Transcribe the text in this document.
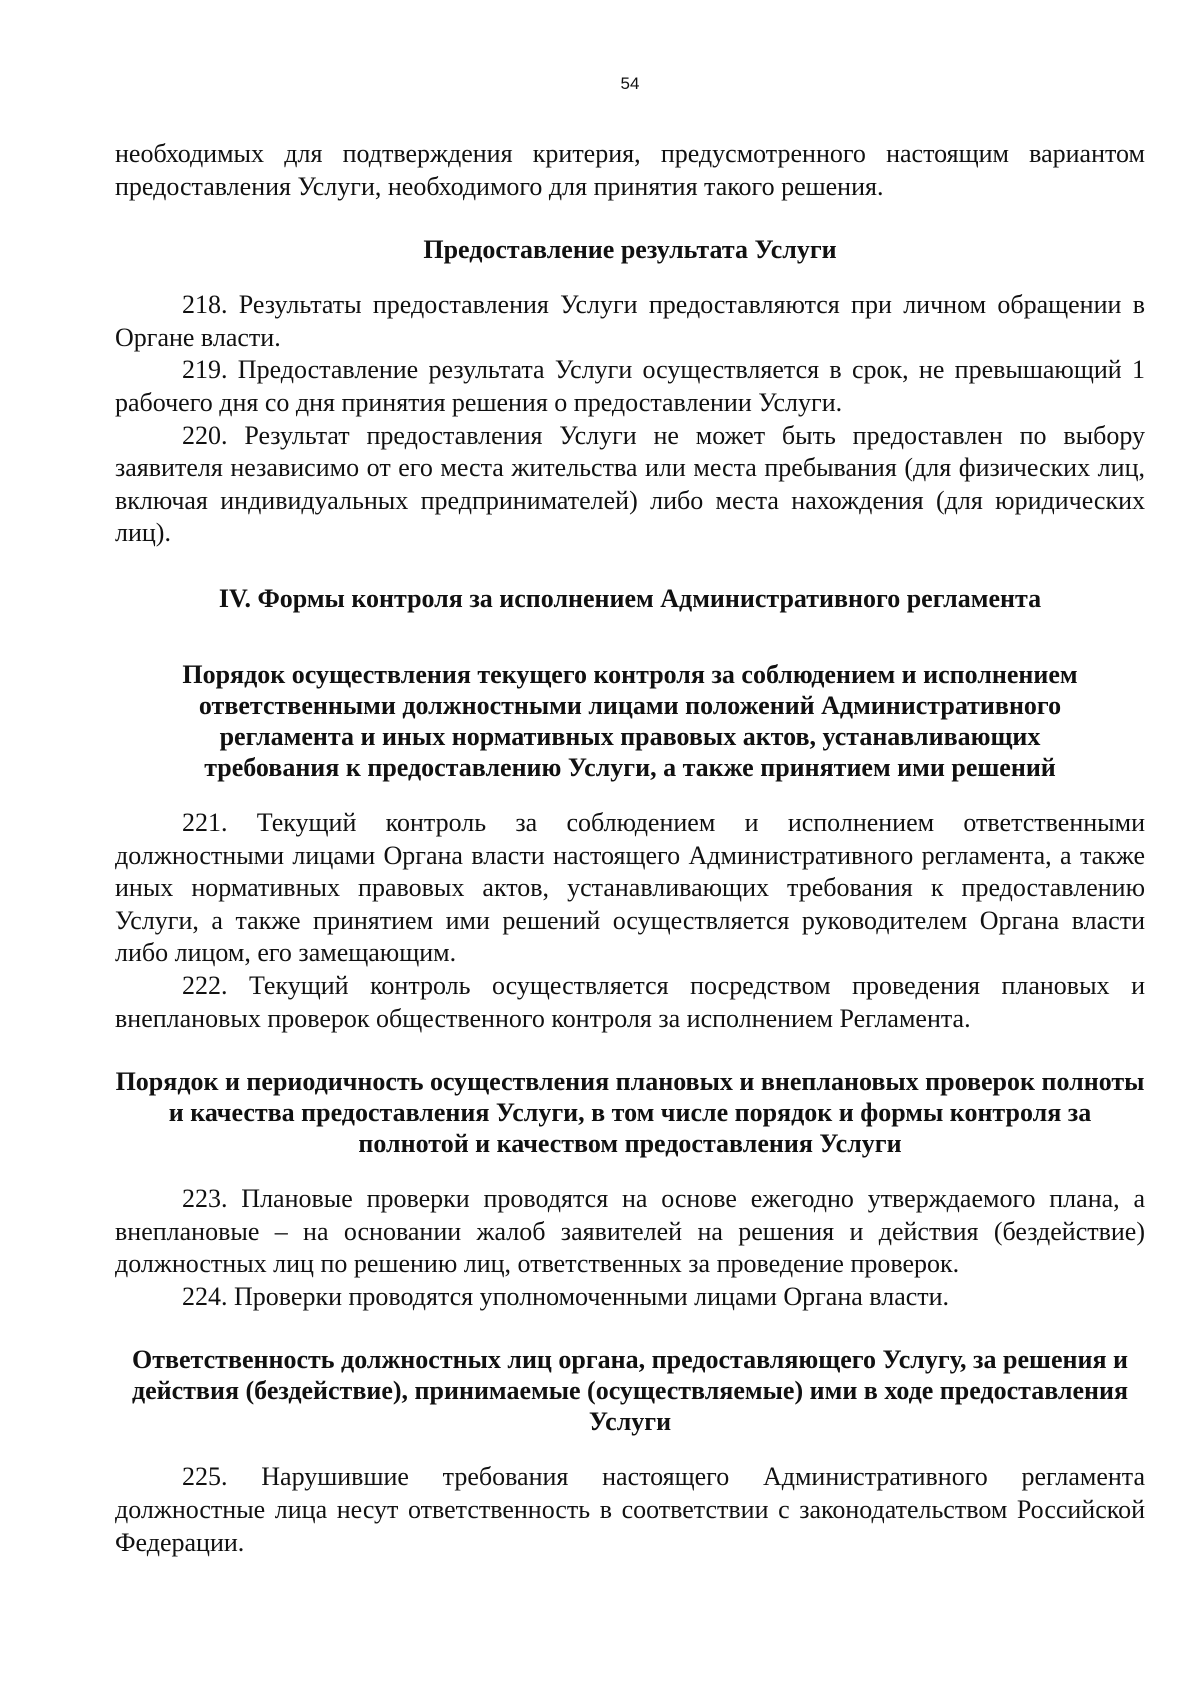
54

необходимых для подтверждения критерия, предусмотренного настоящим вариантом предоставления Услуги, необходимого для принятия такого решения.

Предоставление результата Услуги

218. Результаты предоставления Услуги предоставляются при личном обращении в Органе власти.

219. Предоставление результата Услуги осуществляется в срок, не превышающий 1 рабочего дня со дня принятия решения о предоставлении Услуги.

220. Результат предоставления Услуги не может быть предоставлен по выбору заявителя независимо от его места жительства или места пребывания (для физических лиц, включая индивидуальных предпринимателей) либо места нахождения (для юридических лиц).

IV. Формы контроля за исполнением Административного регламента
Порядок осуществления текущего контроля за соблюдением и исполнением ответственными должностными лицами положений Административного регламента и иных нормативных правовых актов, устанавливающих требования к предоставлению Услуги, а также принятием ими решений

221. Текущий контроль за соблюдением и исполнением ответственными должностными лицами Органа власти настоящего Административного регламента, а также иных нормативных правовых актов, устанавливающих требования к предоставлению Услуги, а также принятием ими решений осуществляется руководителем Органа власти либо лицом, его замещающим.

222. Текущий контроль осуществляется посредством проведения плановых и внеплановых проверок общественного контроля за исполнением Регламента.

Порядок и периодичность осуществления плановых и внеплановых проверок полноты и качества предоставления Услуги, в том числе порядок и формы контроля за полнотой и качеством предоставления Услуги

223. Плановые проверки проводятся на основе ежегодно утверждаемого плана, а внеплановые – на основании жалоб заявителей на решения и действия (бездействие) должностных лиц по решению лиц, ответственных за проведение проверок.

224. Проверки проводятся уполномоченными лицами Органа власти.

Ответственность должностных лиц органа, предоставляющего Услугу, за решения и действия (бездействие), принимаемые (осуществляемые) ими в ходе предоставления Услуги

225. Нарушившие требования настоящего Административного регламента должностные лица несут ответственность в соответствии с законодательством Российской Федерации.
